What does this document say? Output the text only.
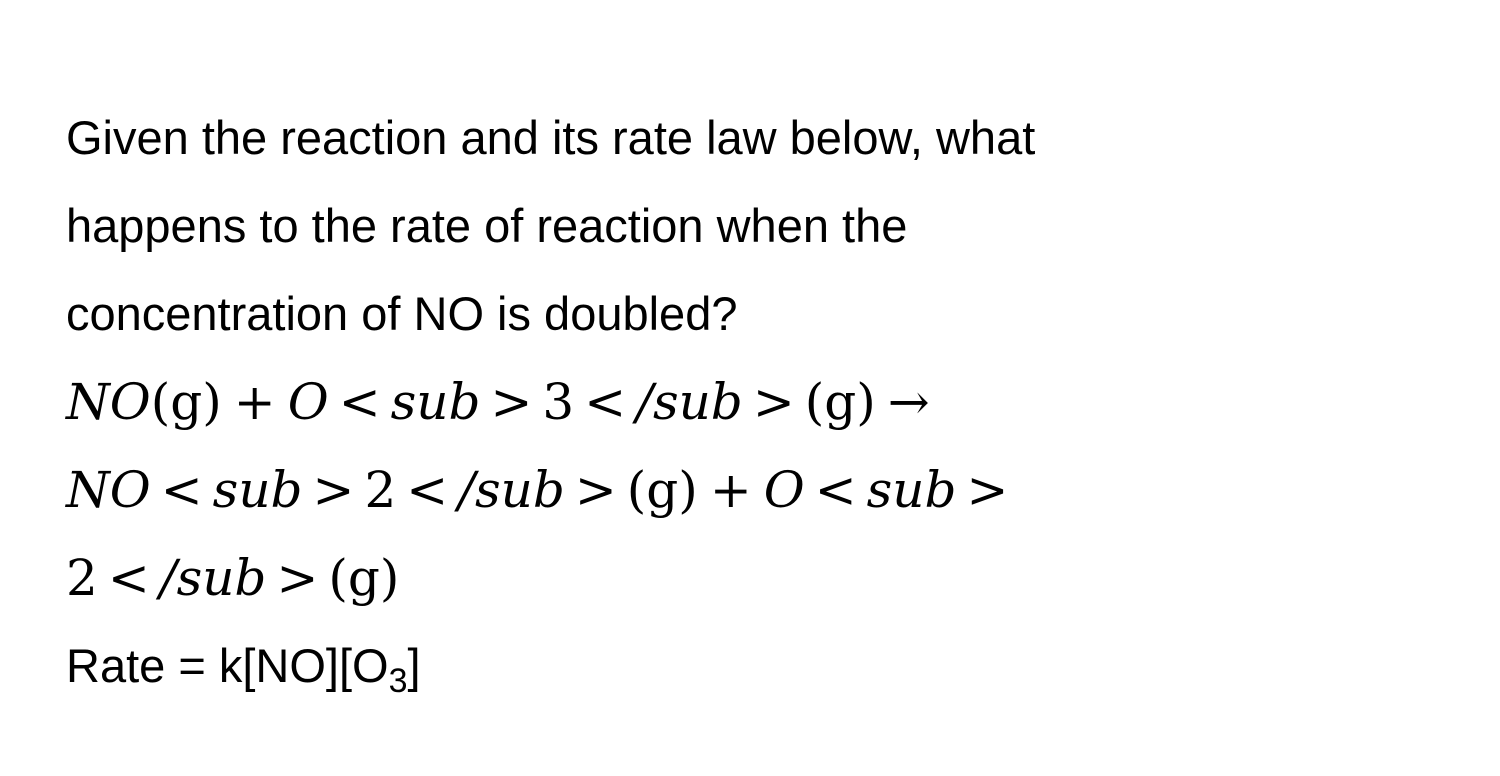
Given the reaction and its rate law below, what

happens to the rate of reaction when the

concentration of NO is doubled?

NO(g) + O < sub > 3 < /sub > (g) →

NO < sub > 2 < /sub > (g) + O < sub >

2 < /sub > (g)

Rate = $k[NO][O_3]$
